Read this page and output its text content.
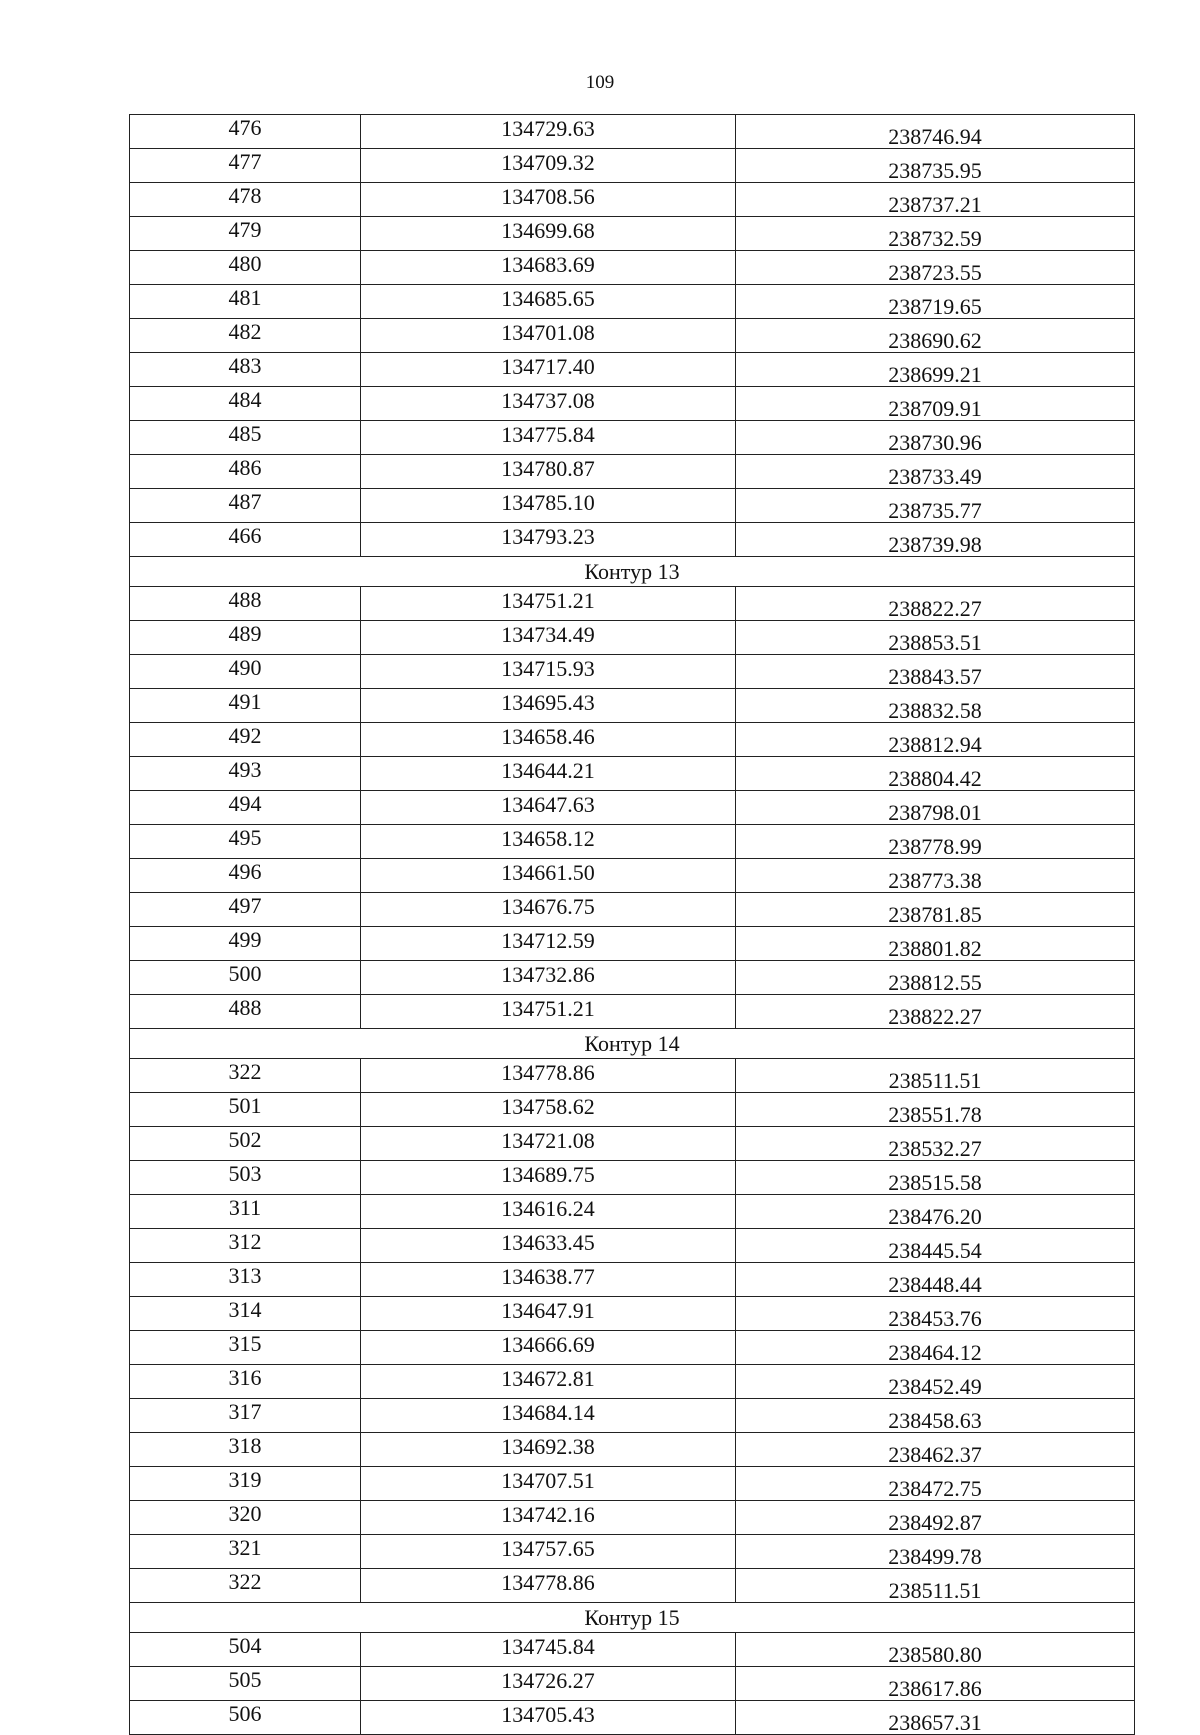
109
476	134729.63	238746.94
477	134709.32	238735.95
478	134708.56	238737.21
479	134699.68	238732.59
480	134683.69	238723.55
481	134685.65	238719.65
482	134701.08	238690.62
483	134717.40	238699.21
484	134737.08	238709.91
485	134775.84	238730.96
486	134780.87	238733.49
487	134785.10	238735.77
466	134793.23	238739.98
Контур 13		
488	134751.21	238822.27
489	134734.49	238853.51
490	134715.93	238843.57
491	134695.43	238832.58
492	134658.46	238812.94
493	134644.21	238804.42
494	134647.63	238798.01
495	134658.12	238778.99
496	134661.50	238773.38
497	134676.75	238781.85
499	134712.59	238801.82
500	134732.86	238812.55
488	134751.21	238822.27
Контур 14		
322	134778.86	238511.51
501	134758.62	238551.78
502	134721.08	238532.27
503	134689.75	238515.58
311	134616.24	238476.20
312	134633.45	238445.54
313	134638.77	238448.44
314	134647.91	238453.76
315	134666.69	238464.12
316	134672.81	238452.49
317	134684.14	238458.63
318	134692.38	238462.37
319	134707.51	238472.75
320	134742.16	238492.87
321	134757.65	238499.78
322	134778.86	238511.51
Контур 15		
504	134745.84	238580.80
505	134726.27	238617.86
506	134705.43	238657.31
